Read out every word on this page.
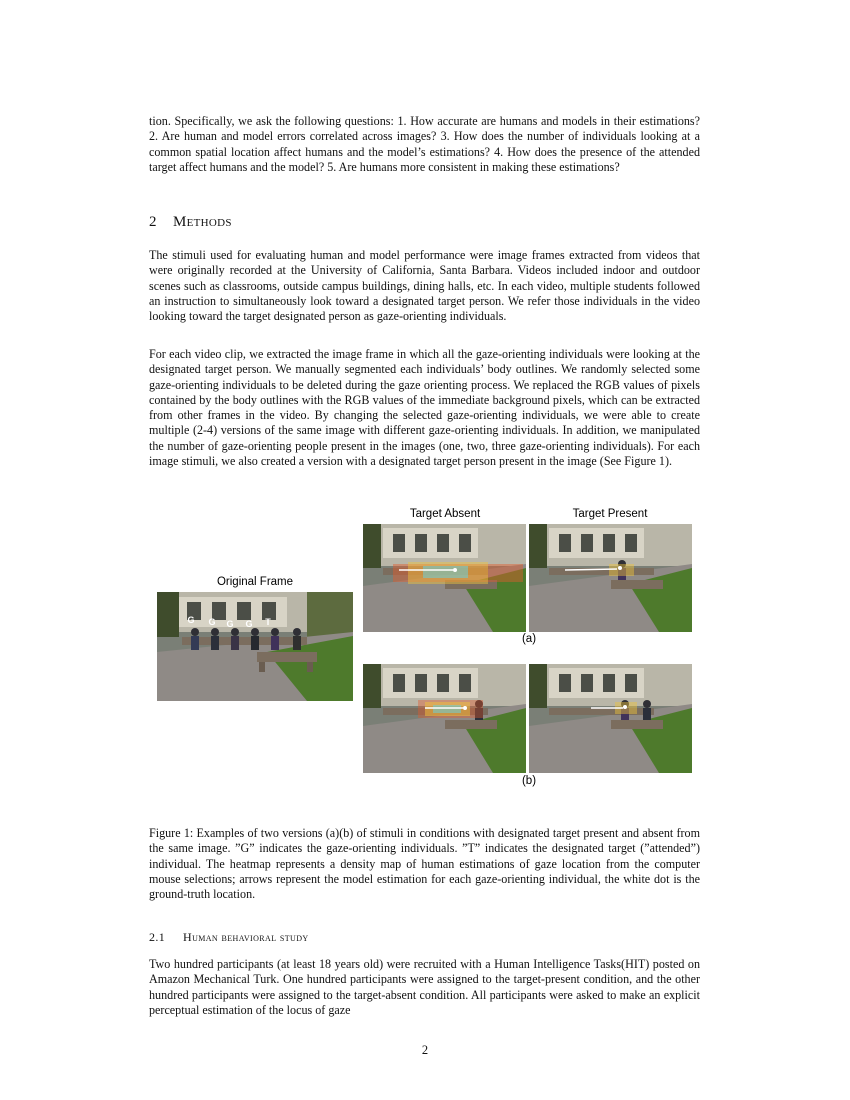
tion. Specifically, we ask the following questions: 1. How accurate are humans and models in their estimations? 2. Are human and model errors correlated across images? 3. How does the number of individuals looking at a common spatial location affect humans and the model’s estimations? 4. How does the presence of the attended target affect humans and the model? 5. Are humans more consistent in making these estimations?

2 Methods

The stimuli used for evaluating human and model performance were image frames extracted from videos that were originally recorded at the University of California, Santa Barbara. Videos included indoor and outdoor scenes such as classrooms, outside campus buildings, dining halls, etc. In each video, multiple students followed an instruction to simultaneously look toward a designated target person. We refer those individuals in the video looking toward the target designated person as gaze-orienting individuals.

For each video clip, we extracted the image frame in which all the gaze-orienting individuals were looking at the designated target person. We manually segmented each individuals’ body outlines. We randomly selected some gaze-orienting individuals to be deleted during the gaze orienting process. We replaced the RGB values of pixels contained by the body outlines with the RGB values of the immediate background pixels, which can be extracted from other frames in the video. By changing the selected gaze-orienting individuals, we were able to create multiple (2-4) versions of the same image with different gaze-orienting individuals. In addition, we manipulated the number of gaze-orienting people present in the images (one, two, three gaze-orienting individuals). For each image stimuli, we also created a version with a designated target person present in the image (See Figure 1).

Target Absent	Target Present
Original Frame
G G G G	T
(a)
(b)

Figure 1: Examples of two versions (a)(b) of stimuli in conditions with designated target present and absent from the same image. ”G” indicates the gaze-orienting individuals. ”T” indicates the designated target (”attended”) individual. The heatmap represents a density map of human estimations of gaze location from the computer mouse selections; arrows represent the model estimation for each gaze-orienting individual, the white dot is the ground-truth location.

2.1 Human behavioral study

Two hundred participants (at least 18 years old) were recruited with a Human Intelligence Tasks(HIT) posted on Amazon Mechanical Turk. One hundred participants were assigned to the target-present condition, and the other hundred participants were assigned to the target-absent condition. All participants were asked to make an explicit perceptual estimation of the locus of gaze

2
